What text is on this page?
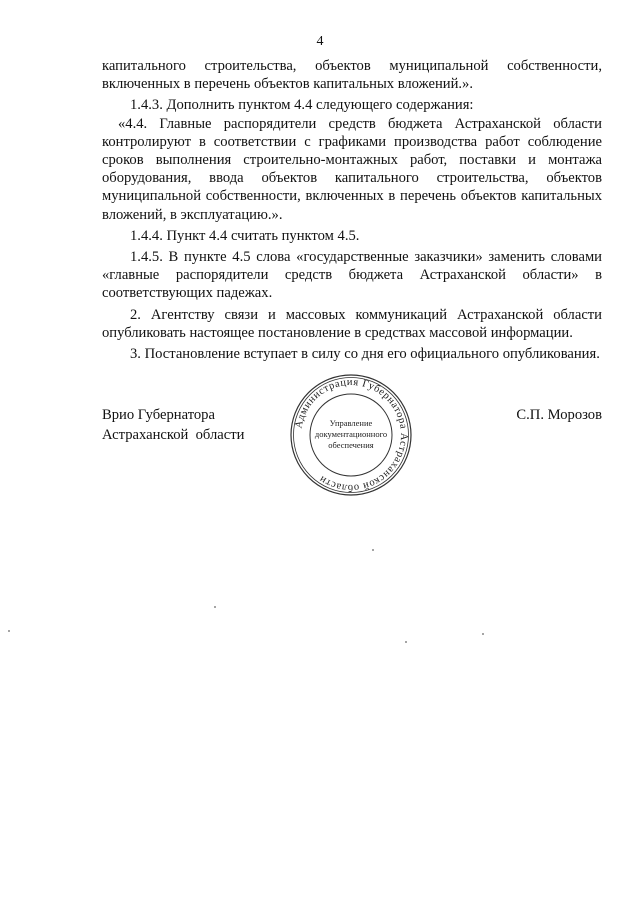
4

капитального строительства, объектов муниципальной собственности, включенных в перечень объектов капитальных вложений.».

1.4.3. Дополнить пунктом 4.4 следующего содержания:

«4.4. Главные распорядители средств бюджета Астраханской области контролируют в соответствии с графиками производства работ соблюдение сроков выполнения строительно-монтажных работ, поставки и монтажа оборудования, ввода объектов капитального строительства, объектов муниципальной собственности, включенных в перечень объектов капитальных вложений, в эксплуатацию.».

1.4.4. Пункт 4.4 считать пунктом 4.5.

1.4.5. В пункте 4.5 слова «государственные заказчики» заменить словами «главные распорядители средств бюджета Астраханской области» в соответствующих падежах.

2. Агентству связи и массовых коммуникаций Астраханской области опубликовать настоящее постановление в средствах массовой информации.

3. Постановление вступает в силу со дня его официального опубликования.

Врио Губернатора
Астраханской  области
С.П. Морозов
Администрация Губернатора Астраханской области
Управление
документационного
обеспечения
